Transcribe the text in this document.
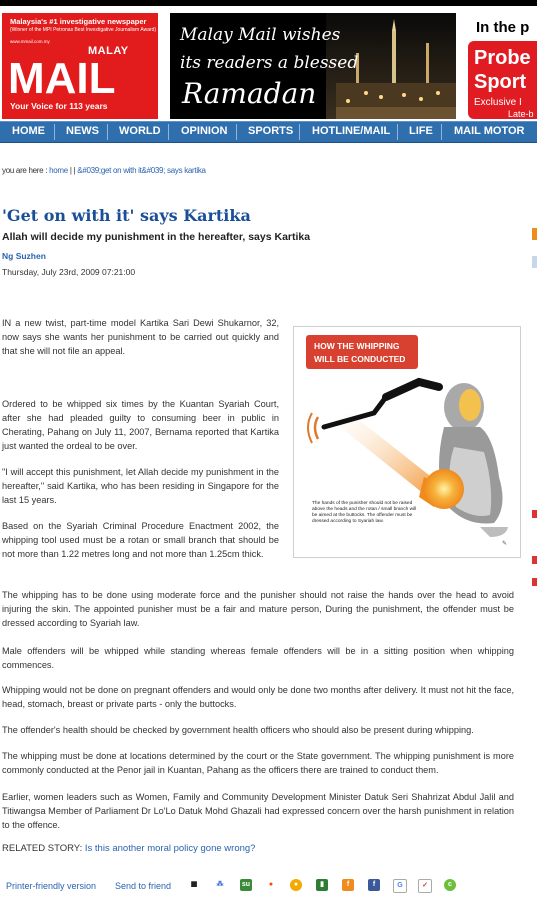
Malaysia's #1 investigative newspaper
(Winner of the MPI Petronas Best Investigative Journalism Award)
www.mmail.com.my
MALAY
MAIL
Your Voice for 113 years
Malay Mail wishes
its readers a blessed
Ramadan
In the p
Probe
Sport
Exclusive I
Late-b
HOME NEWS WORLD OPINION SPORTS HOTLINE/MAIL LIFE MAIL MOTOR
you are here : home | | &#039;get on with it&#039; says kartika
'Get on with it' says Kartika
Allah will decide my punishment in the hereafter, says Kartika
Ng Suzhen
Thursday, July 23rd, 2009 07:21:00

IN a new twist, part-time model Kartika Sari Dewi Shukarnor, 32, now says she wants her punishment to be carried out quickly and that she will not file an appeal.

Ordered to be whipped six times by the Kuantan Syariah Court, after she had pleaded guilty to consuming beer in public in Cherating, Pahang on July 11, 2007, Bernama reported that Kartika just wanted the ordeal to be over.

"I will accept this punishment, let Allah decide my punishment in the hereafter," said Kartika, who has been residing in Singapore for the last 15 years.

Based on the Syariah Criminal Procedure Enactment 2002, the whipping tool used must be a rotan or small branch that should be not more than 1.22 metres long and not more than 1.25cm thick.

✎
HOW THE WHIPPING
WILL BE CONDUCTED
The hands of the punisher should not be raised above the heads and the rotan / small branch will be aimed at the buttocks. The offender must be dressed according to Syariah law.

The whipping has to be done using moderate force and the punisher should not raise the hands over the head to avoid injuring the skin. The appointed punisher must be a fair and mature person, During the punishment, the offender must be dressed according to Syariah law.

Male offenders will be whipped while standing whereas female offenders will be in a sitting position when whipping commences.

Whipping would not be done on pregnant offenders and would only be done two months after delivery. It must not hit the face, head, stomach, breast or private parts - only the buttocks.

The offender's health should be checked by government health officers who should also be present during whipping.

The whipping must be done at locations determined by the court or the State government. The whipping punishment is more commonly conducted at the Penor jail in Kuantan, Pahang as the officers there are trained to conduct them.

Earlier, women leaders such as Women, Family and Community Development Minister Datuk Seri Shahrizat Abdul Jalil and Titiwangsa Member of Parliament Dr Lo'Lo Datuk Mohd Ghazali had expressed concern over the harsh punishment in relation to the offence.

RELATED STORY: Is this another moral policy gone wrong?
Printer-friendly version Send to friend	▦	⁂	su	●	●	▮	f	f	G	✓	c
